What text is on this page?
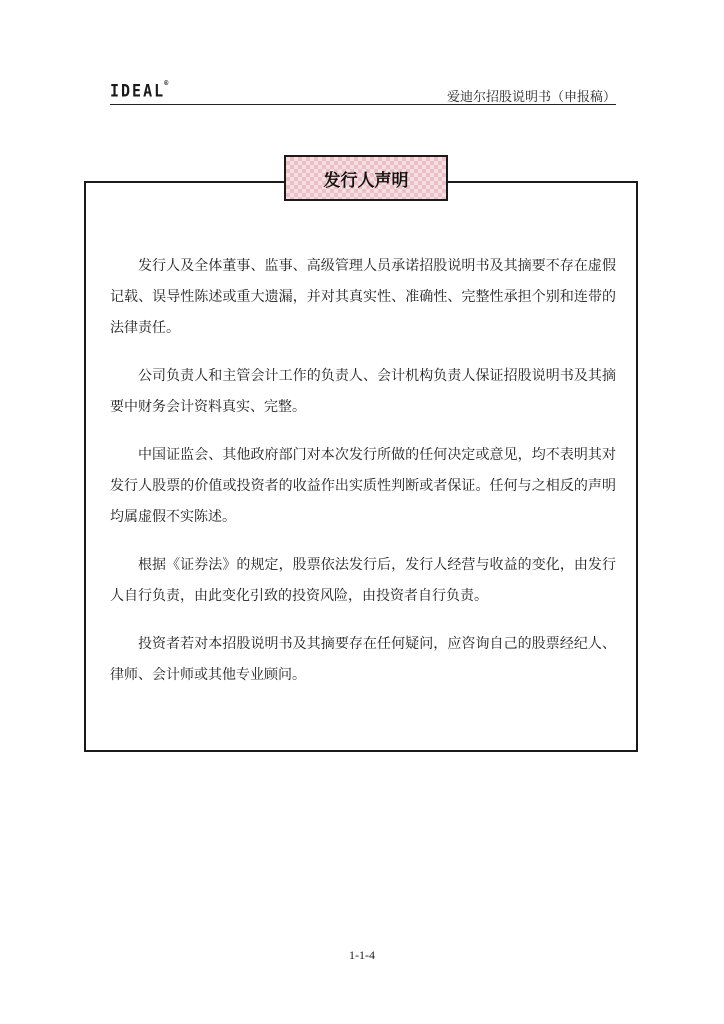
IDEAL®
爱迪尔招股说明书（申报稿）
发行人声明

发行人及全体董事、监事、高级管理人员承诺招股说明书及其摘要不存在虚假记载、误导性陈述或重大遗漏，并对其真实性、准确性、完整性承担个别和连带的法律责任。

公司负责人和主管会计工作的负责人、会计机构负责人保证招股说明书及其摘要中财务会计资料真实、完整。

中国证监会、其他政府部门对本次发行所做的任何决定或意见，均不表明其对发行人股票的价值或投资者的收益作出实质性判断或者保证。任何与之相反的声明均属虚假不实陈述。

根据《证券法》的规定，股票依法发行后，发行人经营与收益的变化，由发行人自行负责，由此变化引致的投资风险，由投资者自行负责。

投资者若对本招股说明书及其摘要存在任何疑问，应咨询自己的股票经纪人、律师、会计师或其他专业顾问。

1-1-4
